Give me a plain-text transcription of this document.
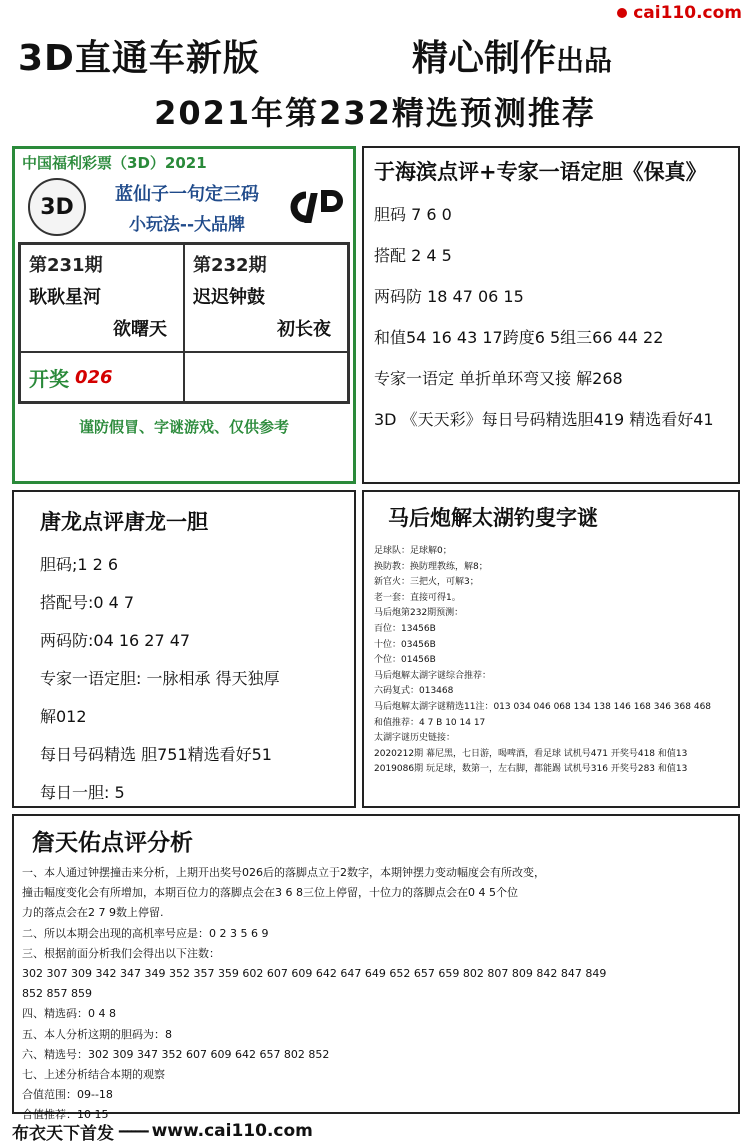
cai110.com
3D直通车新版	精心制作出品
2021年第232精选预测推荐
中国福利彩票（3D）2021
3D
蓝仙子一句定三码
小玩法--大品牌
第231期
耿耿星河
欲曙天
第232期
迟迟钟鼓
初长夜
开奖 026
谨防假冒、字谜游戏、仅供参考
于海滨点评+专家一语定胆《保真》
胆码 7 6 0
搭配 2 4 5
两码防 18 47 06 15
和值54 16 43 17跨度6 5组三66 44 22
专家一语定 单折单环弯又接 解268
3D 《天天彩》每日号码精选胆419 精选看好41
唐龙点评唐龙一胆
胆码;1 2 6
搭配号:0 4 7
两码防:04 16 27 47
专家一语定胆: 一脉相承 得天独厚
解012
每日号码精选 胆751精选看好51
每日一胆: 5
马后炮解太湖钓叟字谜
足球队：足球解0；
换防教：换防理教练，解8；
新官火：三把火，可解3；
老一套：直接可得1。
马后炮第232期预测：
百位：13456B
十位：03456B
个位：01456B
马后炮解太湖字谜综合推荐：
六码复式：013468
马后炮解太湖字谜精选11注：013 034 046 068 134 138 146 168 346 368 468
和值推荐：4 7 B 10 14 17
太湖字谜历史链接：
2020212期 幕尼黑，七日游，喝啤酒，看足球 试机号471 开奖号418 和值13
2019086期 玩足球，数第一，左右脚，都能踢 试机号316 开奖号283 和值13
詹天佑点评分析
一、本人通过钟摆撞击来分析，上期开出奖号026后的落脚点立于2数字，本期钟摆力变动幅度会有所改变，
撞击幅度变化会有所增加，本期百位力的落脚点会在3 6 8三位上停留，十位力的落脚点会在0 4 5个位
力的落点会在2 7 9数上停留.
二、所以本期会出现的高机率号应是：0 2 3 5 6 9
三、根据前面分析我们会得出以下注数：
302 307 309 342 347 349 352 357 359 602 607 609 642 647 649 652 657 659 802 807 809 842 847 849
852 857 859
四、精选码：0 4 8
五、本人分析这期的胆码为：8
六、精选号：302 309 347 352 607 609 642 657 802 852
七、上述分析结合本期的观察
合值范围：09--18
合值推荐：10 15
布衣天下首发 ------- www.cai110.com
